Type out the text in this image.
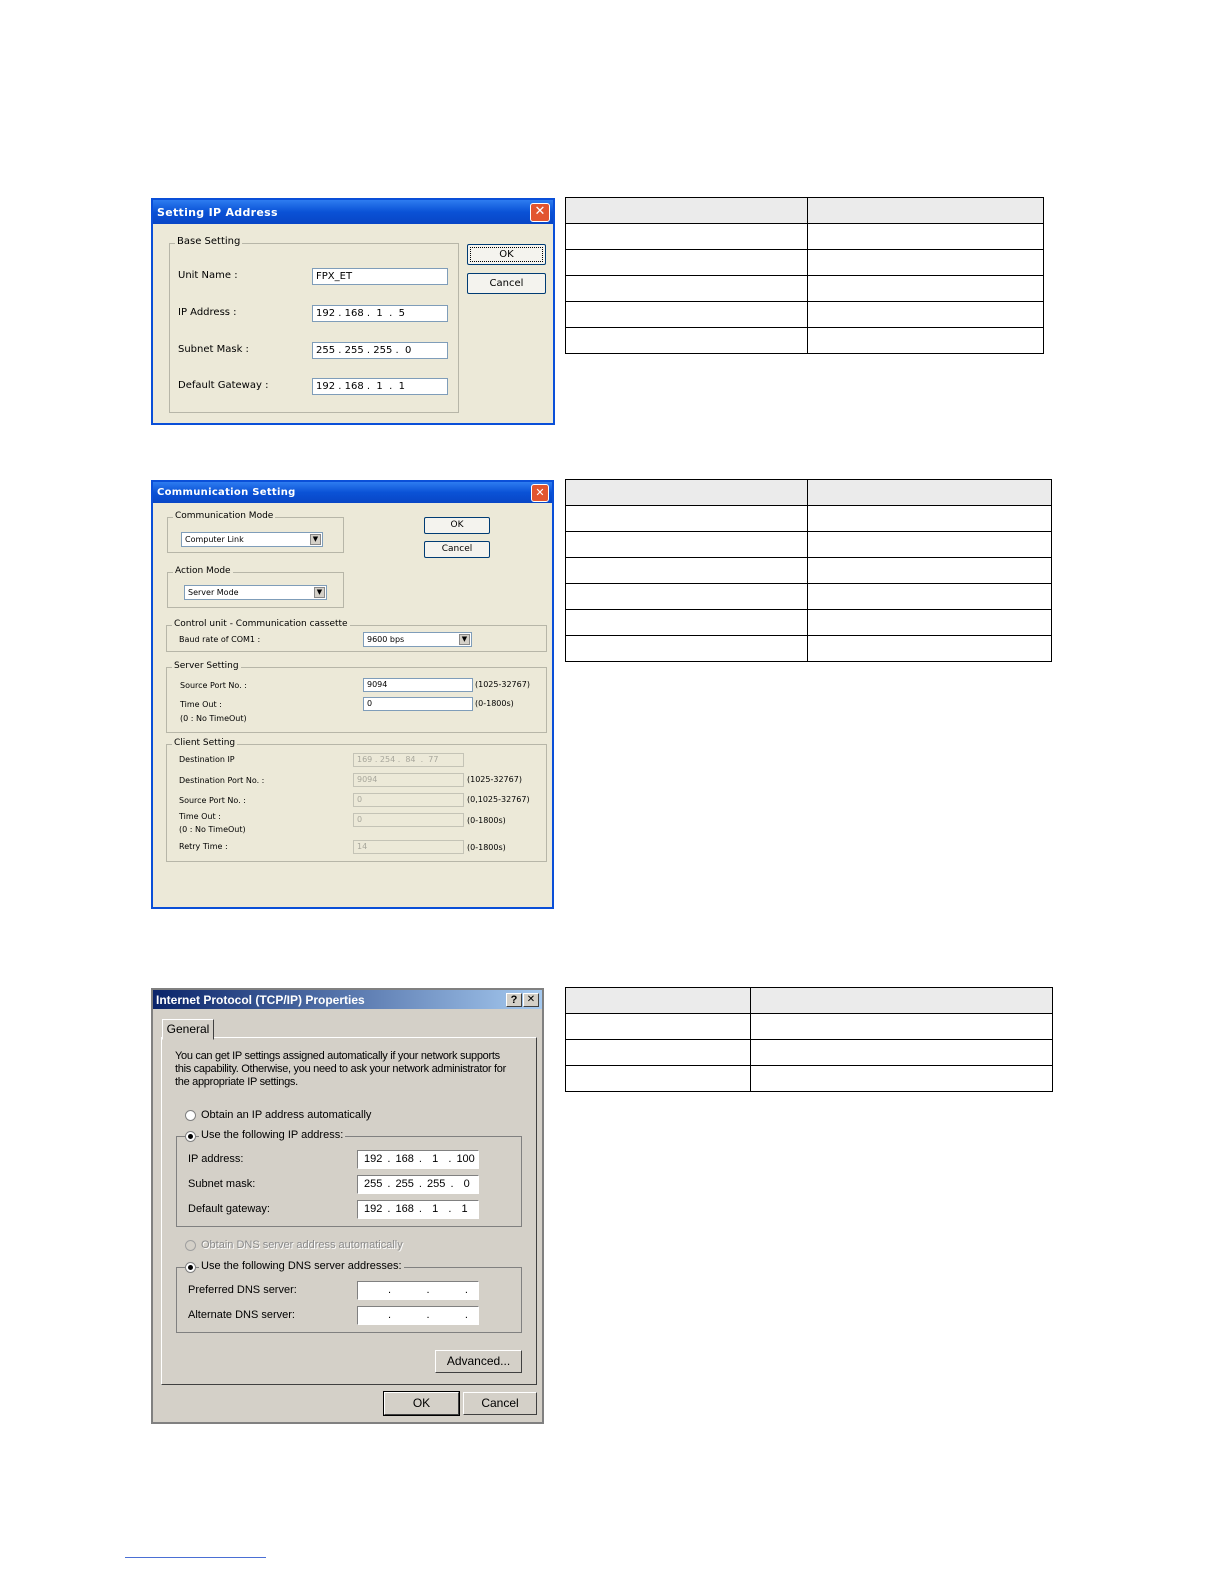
Setting IP Address	✕
Base Setting
Unit Name :	FPX_ET
IP Address :	192 . 168 .  1  .  5
Subnet Mask :	255 . 255 . 255 .  0
Default Gateway :	192 . 168 .  1  .  1
OK
Cancel

Communication Setting	✕
Communication Mode
Computer Link	▼
Action Mode
Server Mode	▼
OK
Cancel
Control unit - Communication cassette
Baud rate of COM1 :	9600 bps	▼
Server Setting
Source Port No. :	9094	(1025-32767)
Time Out :
(0 : No TimeOut)
0	(0-1800s)
Client Setting
Destination IP	169 . 254 .  84  .  77
Destination Port No. :	9094	(1025-32767)
Source Port No. :	0	(0,1025-32767)
Time Out :
(0 : No TimeOut)
0	(0-1800s)
Retry Time :	14	(0-1800s)

Internet Protocol (TCP/IP) Properties	? ✕
General
You can get IP settings assigned automatically if your network supports
this capability. Otherwise, you need to ask your network administrator for
the appropriate IP settings.
Obtain an IP address automatically
Use the following IP address:
IP address:	192 . 168 .  1  . 100
Subnet mask:	255 . 255 . 255 .  0
Default gateway:	192 . 168 .  1  .  1
Obtain DNS server address automatically
Use the following DNS server addresses:
Preferred DNS server:	.       .       .
Alternate DNS server:	.       .       .
Advanced...
OK	Cancel
